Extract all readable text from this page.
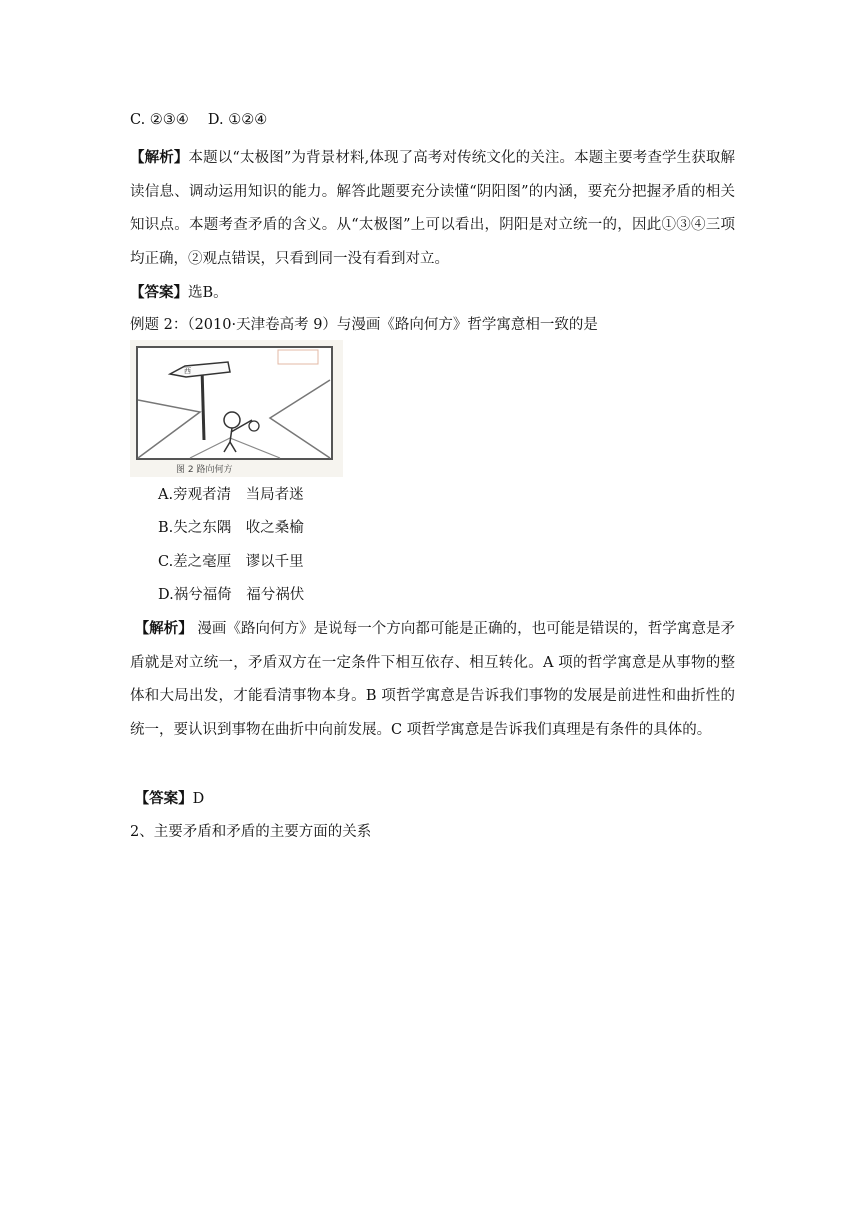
C. ②③④　 D. ①②④
【解析】本题以“太极图”为背景材料,体现了高考对传统文化的关注。本题主要考查学生获取解读信息、调动运用知识的能力。解答此题要充分读懂“阴阳图”的内涵，要充分把握矛盾的相关知识点。本题考查矛盾的含义。从“太极图”上可以看出，阴阳是对立统一的，因此①③④三项均正确，②观点错误，只看到同一没有看到对立。
【答案】选B。
例题 2：（2010·天津卷高考 9）与漫画《路向何方》哲学寓意相一致的是
西
图 2 路向何方
A.旁观者清　当局者迷
B.失之东隅　收之桑榆
C.差之毫厘　谬以千里
D.祸兮福倚　福兮祸伏
【解析】 漫画《路向何方》是说每一个方向都可能是正确的，也可能是错误的，哲学寓意是矛盾就是对立统一，矛盾双方在一定条件下相互依存、相互转化。A 项的哲学寓意是从事物的整体和大局出发，才能看清事物本身。B 项哲学寓意是告诉我们事物的发展是前进性和曲折性的统一，要认识到事物在曲折中向前发展。C 项哲学寓意是告诉我们真理是有条件的具体的。
【答案】D
2、主要矛盾和矛盾的主要方面的关系
